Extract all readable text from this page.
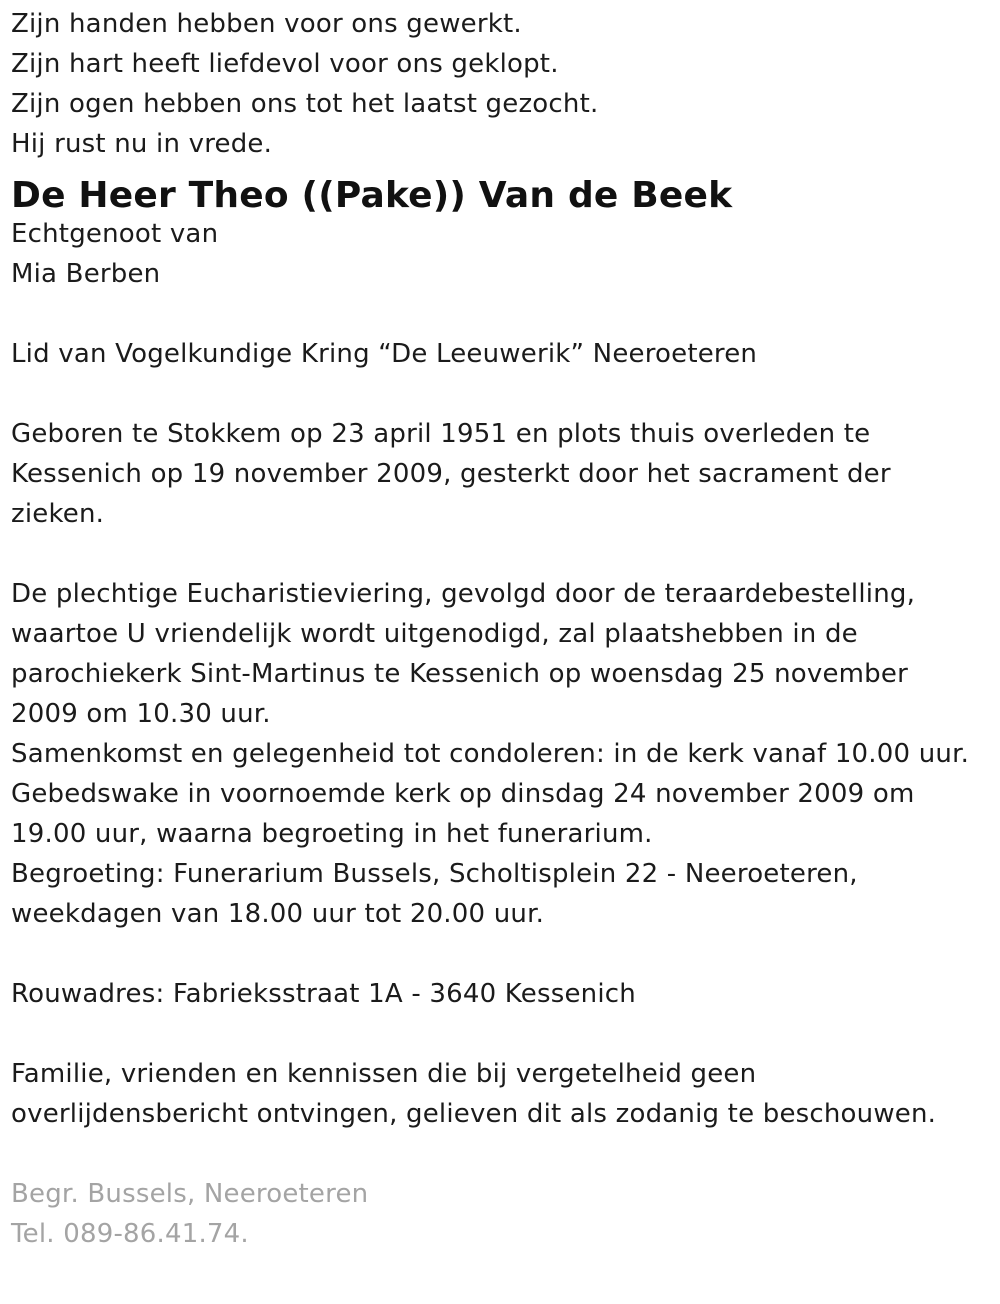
Zijn handen hebben voor ons gewerkt.
Zijn hart heeft liefdevol voor ons geklopt.
Zijn ogen hebben ons tot het laatst gezocht.
Hij rust nu in vrede.
De Heer Theo ((Pake)) Van de Beek
Echtgenoot van
Mia Berben
Lid van Vogelkundige Kring “De Leeuwerik” Neeroeteren
Geboren te Stokkem op 23 april 1951 en plots thuis overleden te
Kessenich op 19 november 2009, gesterkt door het sacrament der
zieken.
De plechtige Eucharistieviering, gevolgd door de teraardebestelling,
waartoe U vriendelijk wordt uitgenodigd, zal plaatshebben in de
parochiekerk Sint-Martinus te Kessenich op woensdag 25 november
2009 om 10.30 uur.
Samenkomst en gelegenheid tot condoleren: in de kerk vanaf 10.00 uur.
Gebedswake in voornoemde kerk op dinsdag 24 november 2009 om
19.00 uur, waarna begroeting in het funerarium.
Begroeting: Funerarium Bussels, Scholtisplein 22 - Neeroeteren,
weekdagen van 18.00 uur tot 20.00 uur.
Rouwadres: Fabrieksstraat 1A - 3640 Kessenich
Familie, vrienden en kennissen die bij vergetelheid geen
overlijdensbericht ontvingen, gelieven dit als zodanig te beschouwen.
Begr. Bussels, Neeroeteren
Tel. 089-86.41.74.
